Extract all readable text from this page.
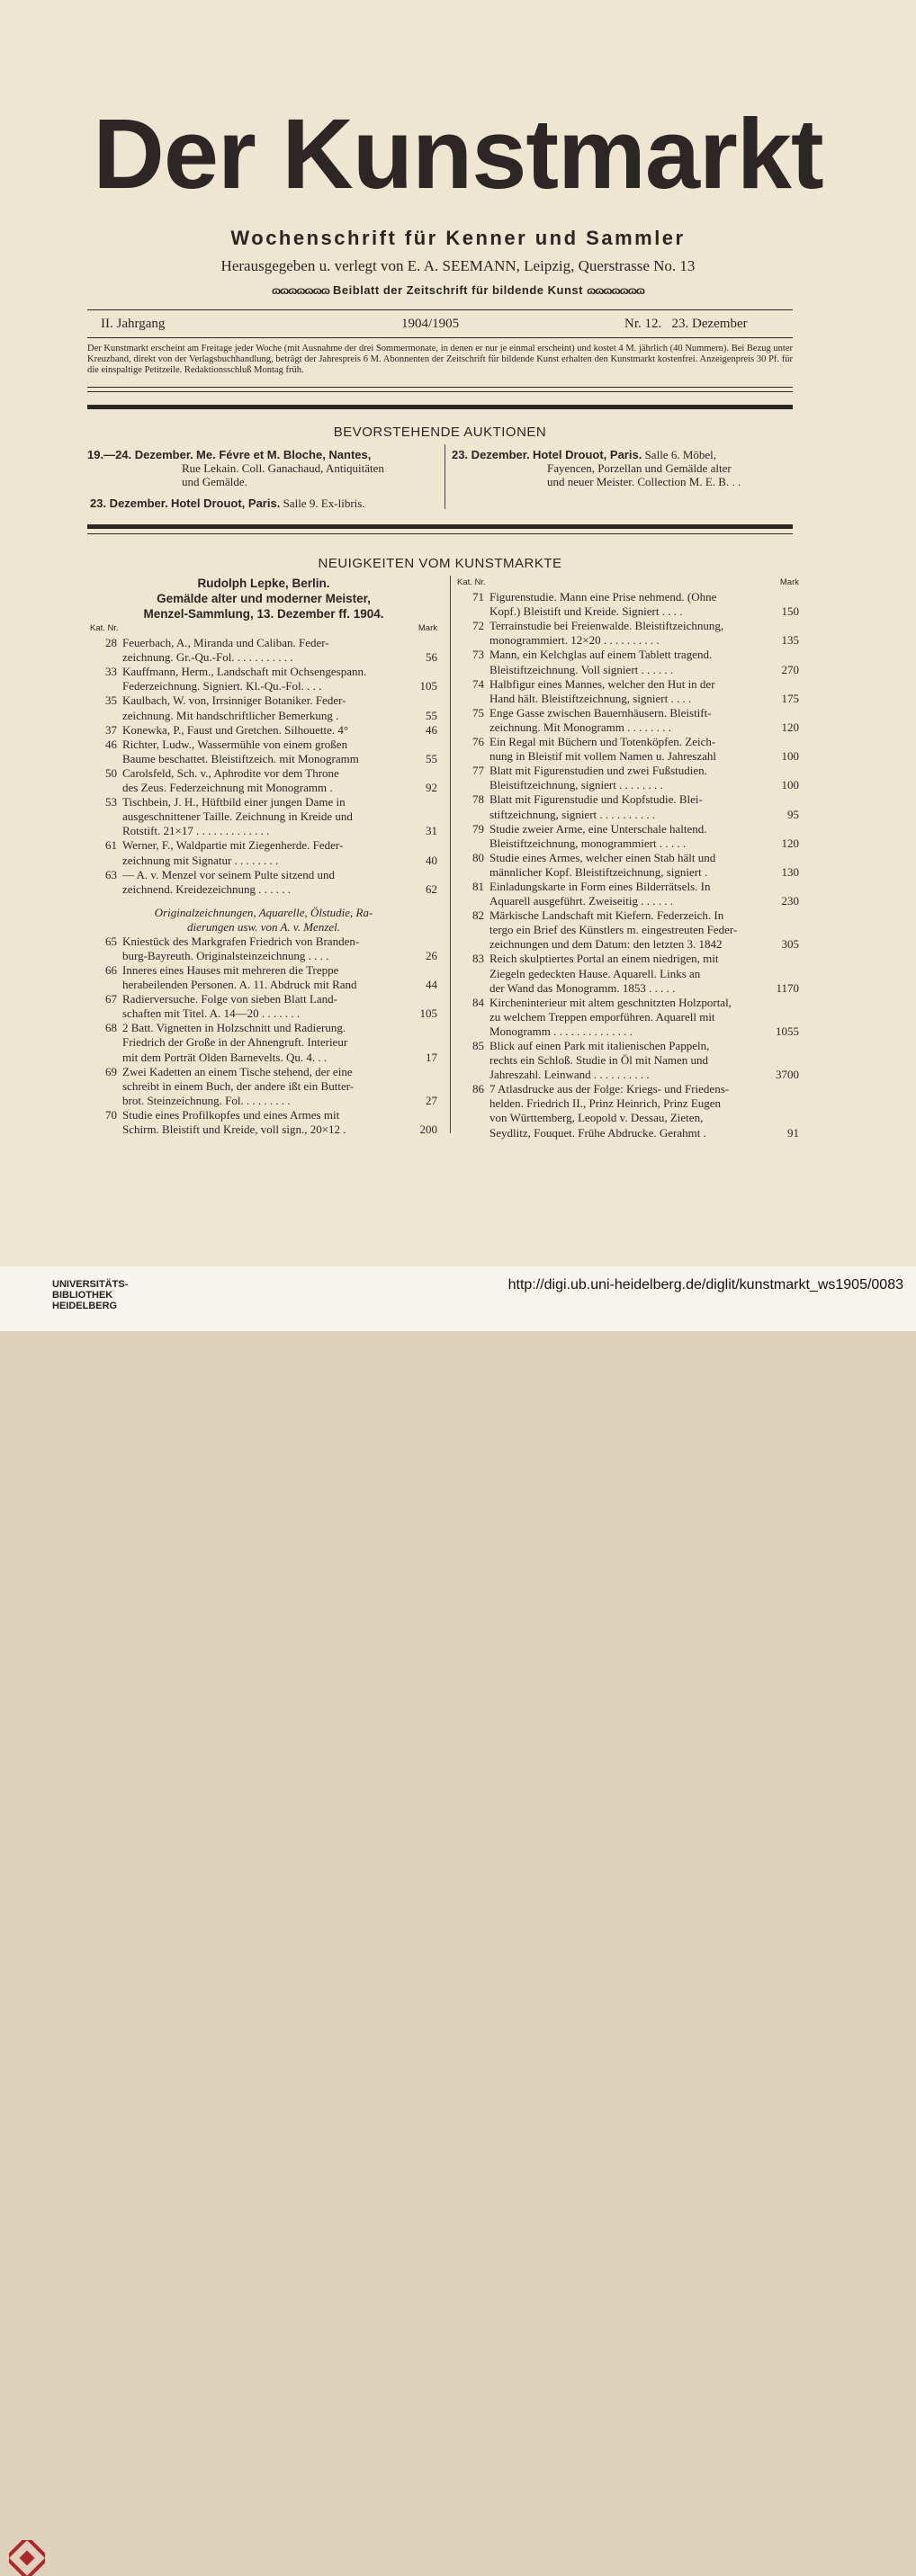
Der Kunstmarkt
Wochenschrift für Kenner und Sammler
Herausgegeben u. verlegt von E. A. SEEMANN, Leipzig, Querstrasse No. 13
ɷɷɷɷɷɷɷ Beiblatt der Zeitschrift für bildende Kunst ɷɷɷɷɷɷɷ
II. Jahrgang	1904/1905	Nr. 12.   23. Dezember
Der Kunstmarkt erscheint am Freitage jeder Woche (mit Ausnahme der drei Sommermonate, in denen er nur je einmal erscheint) und kostet 4 M. jährlich (40 Nummern). Bei Bezug unter Kreuzband, direkt von der Verlagsbuchhandlung, beträgt der Jahrespreis 6 M. Abonnenten der Zeitschrift für bildende Kunst erhalten den Kunstmarkt kostenfrei. Anzeigenpreis 30 Pf. für die einspaltige Petitzeile. Redaktionsschluß Montag früh.
BEVORSTEHENDE AUKTIONEN
19.—24. Dezember. Me. Févre et M. Bloche, Nantes,
Rue Lekain. Coll. Ganachaud, Antiquitäten
und Gemälde.
23. Dezember. Hotel Drouot, Paris. Salle 9. Ex-libris.
23. Dezember. Hotel Drouot, Paris. Salle 6. Möbel,
Fayencen, Porzellan und Gemälde alter
und neuer Meister. Collection M. E. B. . .
NEUIGKEITEN VOM KUNSTMARKTE
Rudolph Lepke, Berlin.
Gemälde alter und moderner Meister,
Menzel-Sammlung, 13. Dezember ff. 1904.
Kat. Nr.	Mark
28 Feuerbach, A., Miranda und Caliban. Feder-
zeichnung. Gr.-Qu.-Fol. . . . . . . . . . .	56
33 Kauffmann, Herm., Landschaft mit Ochsengespann.
Federzeichnung. Signiert. Kl.-Qu.-Fol. . . .	105
35 Kaulbach, W. von, Irrsinniger Botaniker. Feder-
zeichnung. Mit handschriftlicher Bemerkung .	55
37 Konewka, P., Faust und Gretchen. Silhouette. 4°	46
46 Richter, Ludw., Wassermühle von einem großen
Baume beschattet. Bleistiftzeich. mit Monogramm	55
50 Carolsfeld, Sch. v., Aphrodite vor dem Throne
des Zeus. Federzeichnung mit Monogramm .	92
53 Tischbein, J. H., Hüftbild einer jungen Dame in
ausgeschnittener Taille. Zeichnung in Kreide und
Rotstift. 21×17 . . . . . . . . . . . . .	31
61 Werner, F., Waldpartie mit Ziegenherde. Feder-
zeichnung mit Signatur . . . . . . . .	40
63 — A. v. Menzel vor seinem Pulte sitzend und
zeichnend. Kreidezeichnung . . . . . .	62
Originalzeichnungen, Aquarelle, Ölstudie, Ra-
dierungen usw. von A. v. Menzel.
65 Kniestück des Markgrafen Friedrich von Branden-
burg-Bayreuth. Originalsteinzeichnung . . . .	26
66 Inneres eines Hauses mit mehreren die Treppe
herabeilenden Personen. A. 11. Abdruck mit Rand	44
67 Radierversuche. Folge von sieben Blatt Land-
schaften mit Titel. A. 14—20 . . . . . . .	105
68 2 Batt. Vignetten in Holzschnitt und Radierung.
Friedrich der Große in der Ahnengruft. Interieur
mit dem Porträt Olden Barnevelts. Qu. 4. . .	17
69 Zwei Kadetten an einem Tische stehend, der eine
schreibt in einem Buch, der andere ißt ein Butter-
brot. Steinzeichnung. Fol. . . . . . . . .	27
70 Studie eines Profilkopfes und eines Armes mit
Schirm. Bleistift und Kreide, voll sign., 20×12 .	200
Kat. Nr.	Mark
71 Figurenstudie. Mann eine Prise nehmend. (Ohne
Kopf.) Bleistift und Kreide. Signiert . . . .	150
72 Terrainstudie bei Freienwalde. Bleistiftzeichnung,
monogrammiert. 12×20 . . . . . . . . . .	135
73 Mann, ein Kelchglas auf einem Tablett tragend.
Bleistiftzeichnung. Voll signiert . . . . . .	270
74 Halbfigur eines Mannes, welcher den Hut in der
Hand hält. Bleistiftzeichnung, signiert . . . .	175
75 Enge Gasse zwischen Bauernhäusern. Bleistift-
zeichnung. Mit Monogramm . . . . . . . .	120
76 Ein Regal mit Büchern und Totenköpfen. Zeich-
nung in Bleistif mit vollem Namen u. Jahreszahl	100
77 Blatt mit Figurenstudien und zwei Fußstudien.
Bleistiftzeichnung, signiert . . . . . . . .	100
78 Blatt mit Figurenstudie und Kopfstudie. Blei-
stiftzeichnung, signiert . . . . . . . . . .	95
79 Studie zweier Arme, eine Unterschale haltend.
Bleistiftzeichnung, monogrammiert . . . . .	120
80 Studie eines Armes, welcher einen Stab hält und
männlicher Kopf. Bleistiftzeichnung, signiert .	130
81 Einladungskarte in Form eines Bilderrätsels. In
Aquarell ausgeführt. Zweiseitig . . . . . .	230
82 Märkische Landschaft mit Kiefern. Federzeich. In
tergo ein Brief des Künstlers m. eingestreuten Feder-
zeichnungen und dem Datum: den letzten 3. 1842	305
83 Reich skulptiertes Portal an einem niedrigen, mit
Ziegeln gedeckten Hause. Aquarell. Links an
der Wand das Monogramm. 1853 . . . . .	1170
84 Kircheninterieur mit altem geschnitzten Holzportal,
zu welchem Treppen emporführen. Aquarell mit
Monogramm . . . . . . . . . . . . . .	1055
85 Blick auf einen Park mit italienischen Pappeln,
rechts ein Schloß. Studie in Öl mit Namen und
Jahreszahl. Leinwand . . . . . . . . . .	3700
86 7 Atlasdrucke aus der Folge: Kriegs- und Friedens-
helden. Friedrich II., Prinz Heinrich, Prinz Eugen
von Württemberg, Leopold v. Dessau, Zieten,
Seydlitz, Fouquet. Frühe Abdrucke. Gerahmt .	91
UNIVERSITÄTS-
BIBLIOTHEK
HEIDELBERG
http://digi.ub.uni-heidelberg.de/diglit/kunstmarkt_ws1905/0083
